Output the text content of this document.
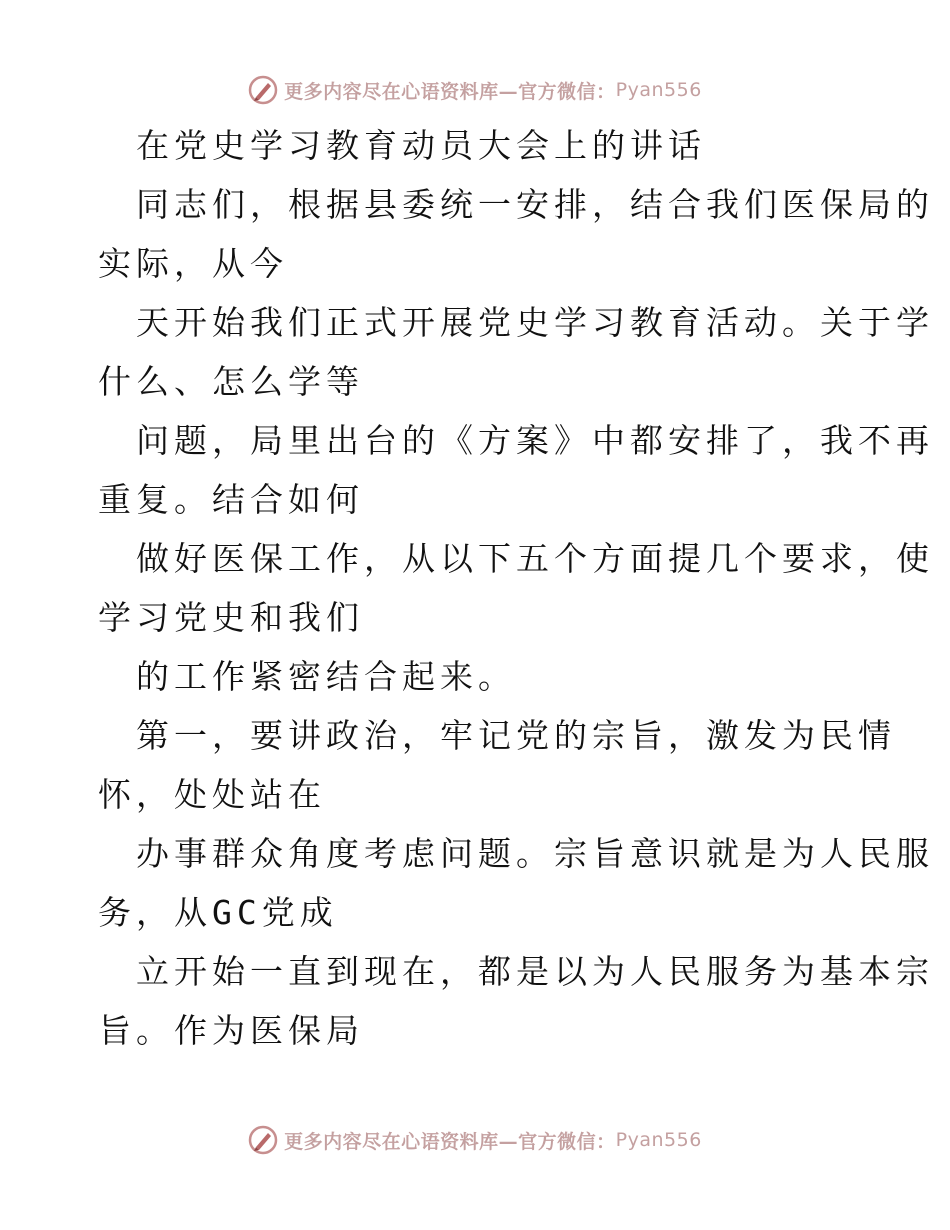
更多内容尽在心语资料库—官方微信： Pyan556
在党史学习教育动员大会上的讲话
同志们，根据县委统一安排，结合我们医保局的
实际，从今
天开始我们正式开展党史学习教育活动。关于学
什么、怎么学等
问题，局里出台的《方案》中都安排了，我不再
重复。结合如何
做好医保工作，从以下五个方面提几个要求，使
学习党史和我们
的工作紧密结合起来。
第一，要讲政治，牢记党的宗旨，激发为民情
怀，处处站在
办事群众角度考虑问题。宗旨意识就是为人民服
务，从GC党成
立开始一直到现在，都是以为人民服务为基本宗
旨。作为医保局
更多内容尽在心语资料库—官方微信： Pyan556
